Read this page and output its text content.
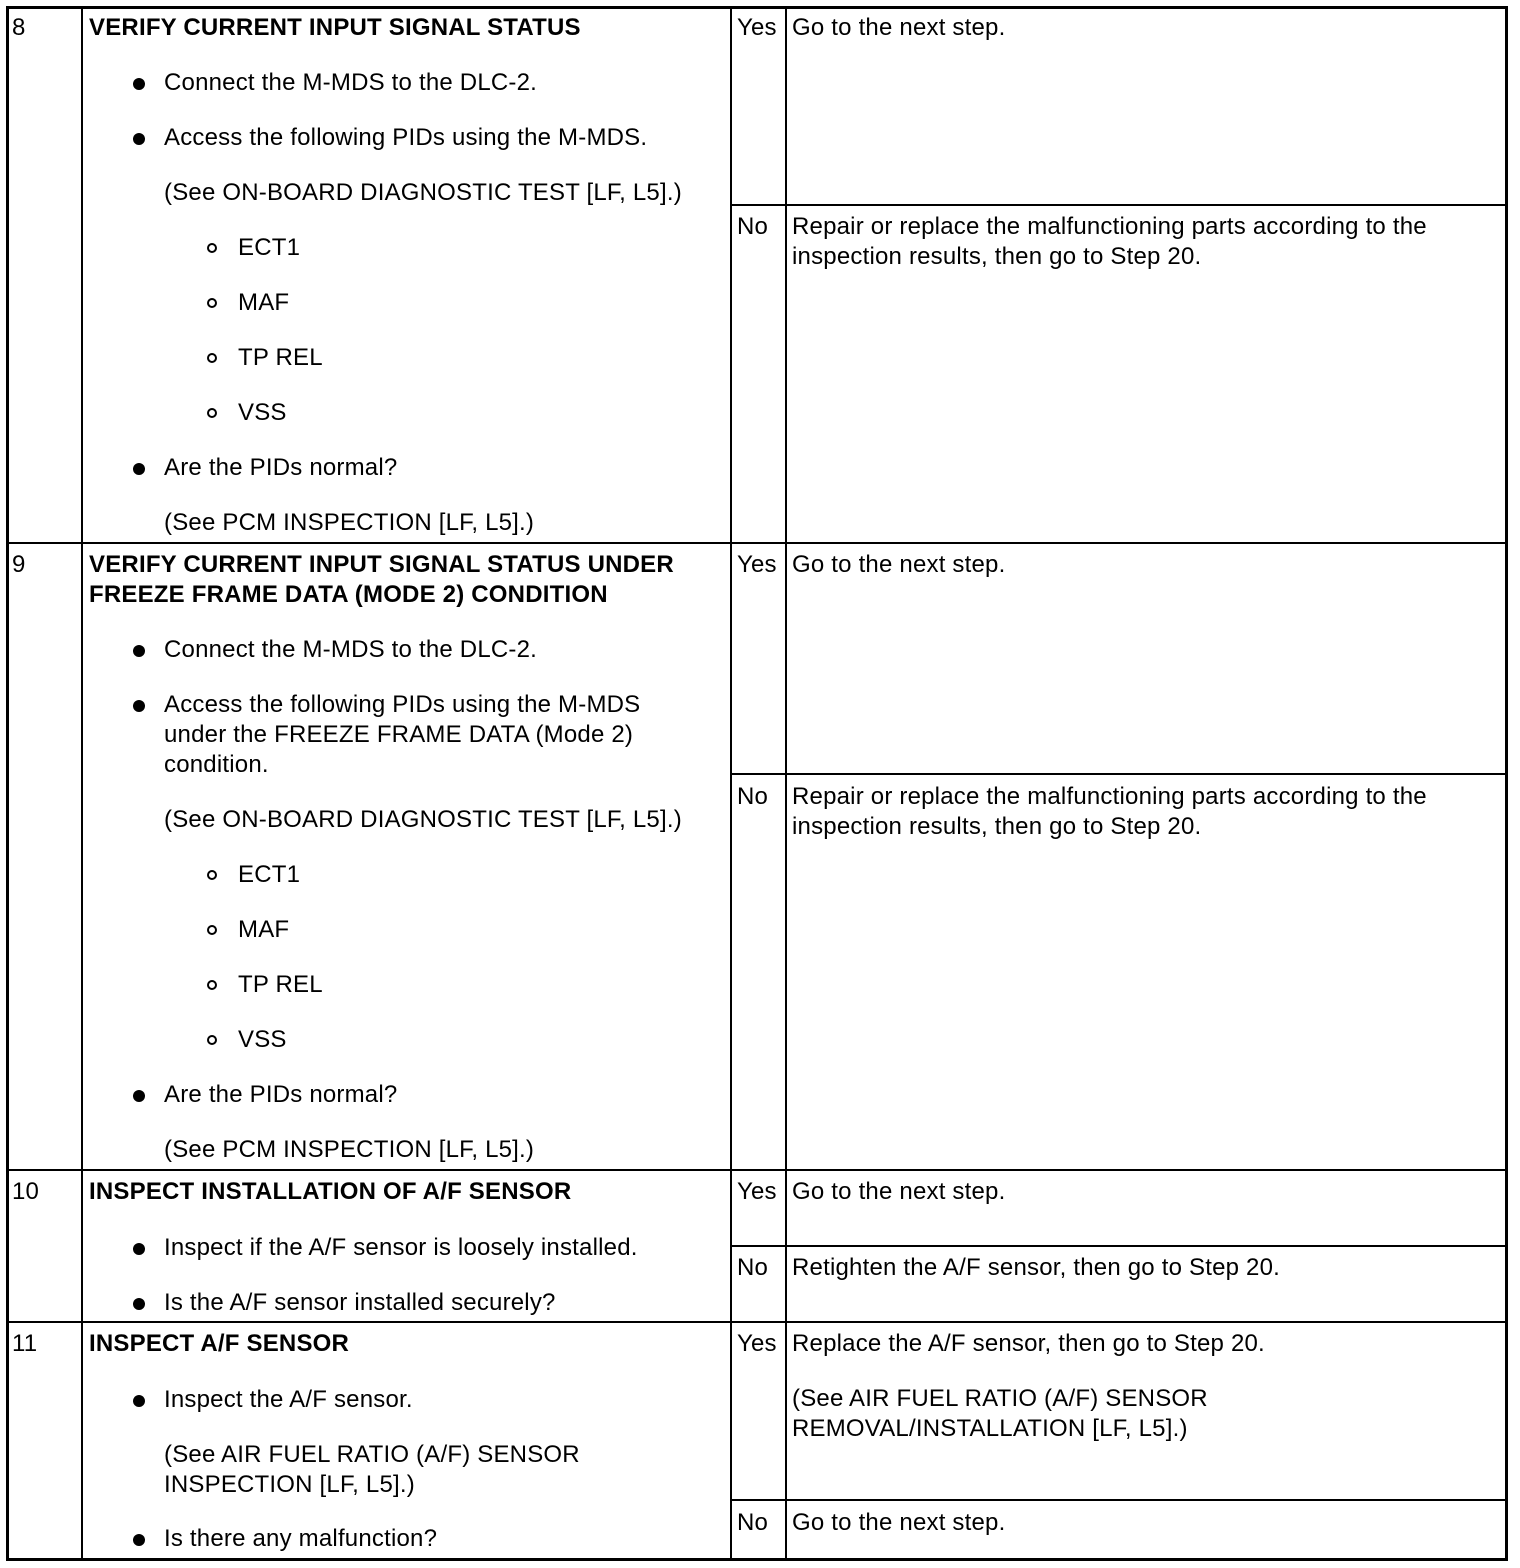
8	VERIFY CURRENT INPUT SIGNAL STATUS
Connect the M-MDS to the DLC-2.
Access the following PIDs using the M-MDS.
(See ON-BOARD DIAGNOSTIC TEST [LF, L5].)
ECT1
MAF
TP REL
VSS
Are the PIDs normal?
(See PCM INSPECTION [LF, L5].)
Yes Go to the next step.
No Repair or replace the malfunctioning parts according to the
inspection results, then go to Step 20.
9	VERIFY CURRENT INPUT SIGNAL STATUS UNDER
FREEZE FRAME DATA (MODE 2) CONDITION
Connect the M-MDS to the DLC-2.
Access the following PIDs using the M-MDS
under the FREEZE FRAME DATA (Mode 2)
condition.
(See ON-BOARD DIAGNOSTIC TEST [LF, L5].)
ECT1
MAF
TP REL
VSS
Are the PIDs normal?
(See PCM INSPECTION [LF, L5].)
Yes Go to the next step.
No Repair or replace the malfunctioning parts according to the
inspection results, then go to Step 20.
10 INSPECT INSTALLATION OF A/F SENSOR
Inspect if the A/F sensor is loosely installed.
Is the A/F sensor installed securely?
Yes Go to the next step.
No Retighten the A/F sensor, then go to Step 20.
11 INSPECT A/F SENSOR
Inspect the A/F sensor.
(See AIR FUEL RATIO (A/F) SENSOR
INSPECTION [LF, L5].)
Is there any malfunction?
Yes Replace the A/F sensor, then go to Step 20.
(See AIR FUEL RATIO (A/F) SENSOR
REMOVAL/INSTALLATION [LF, L5].)
No Go to the next step.
